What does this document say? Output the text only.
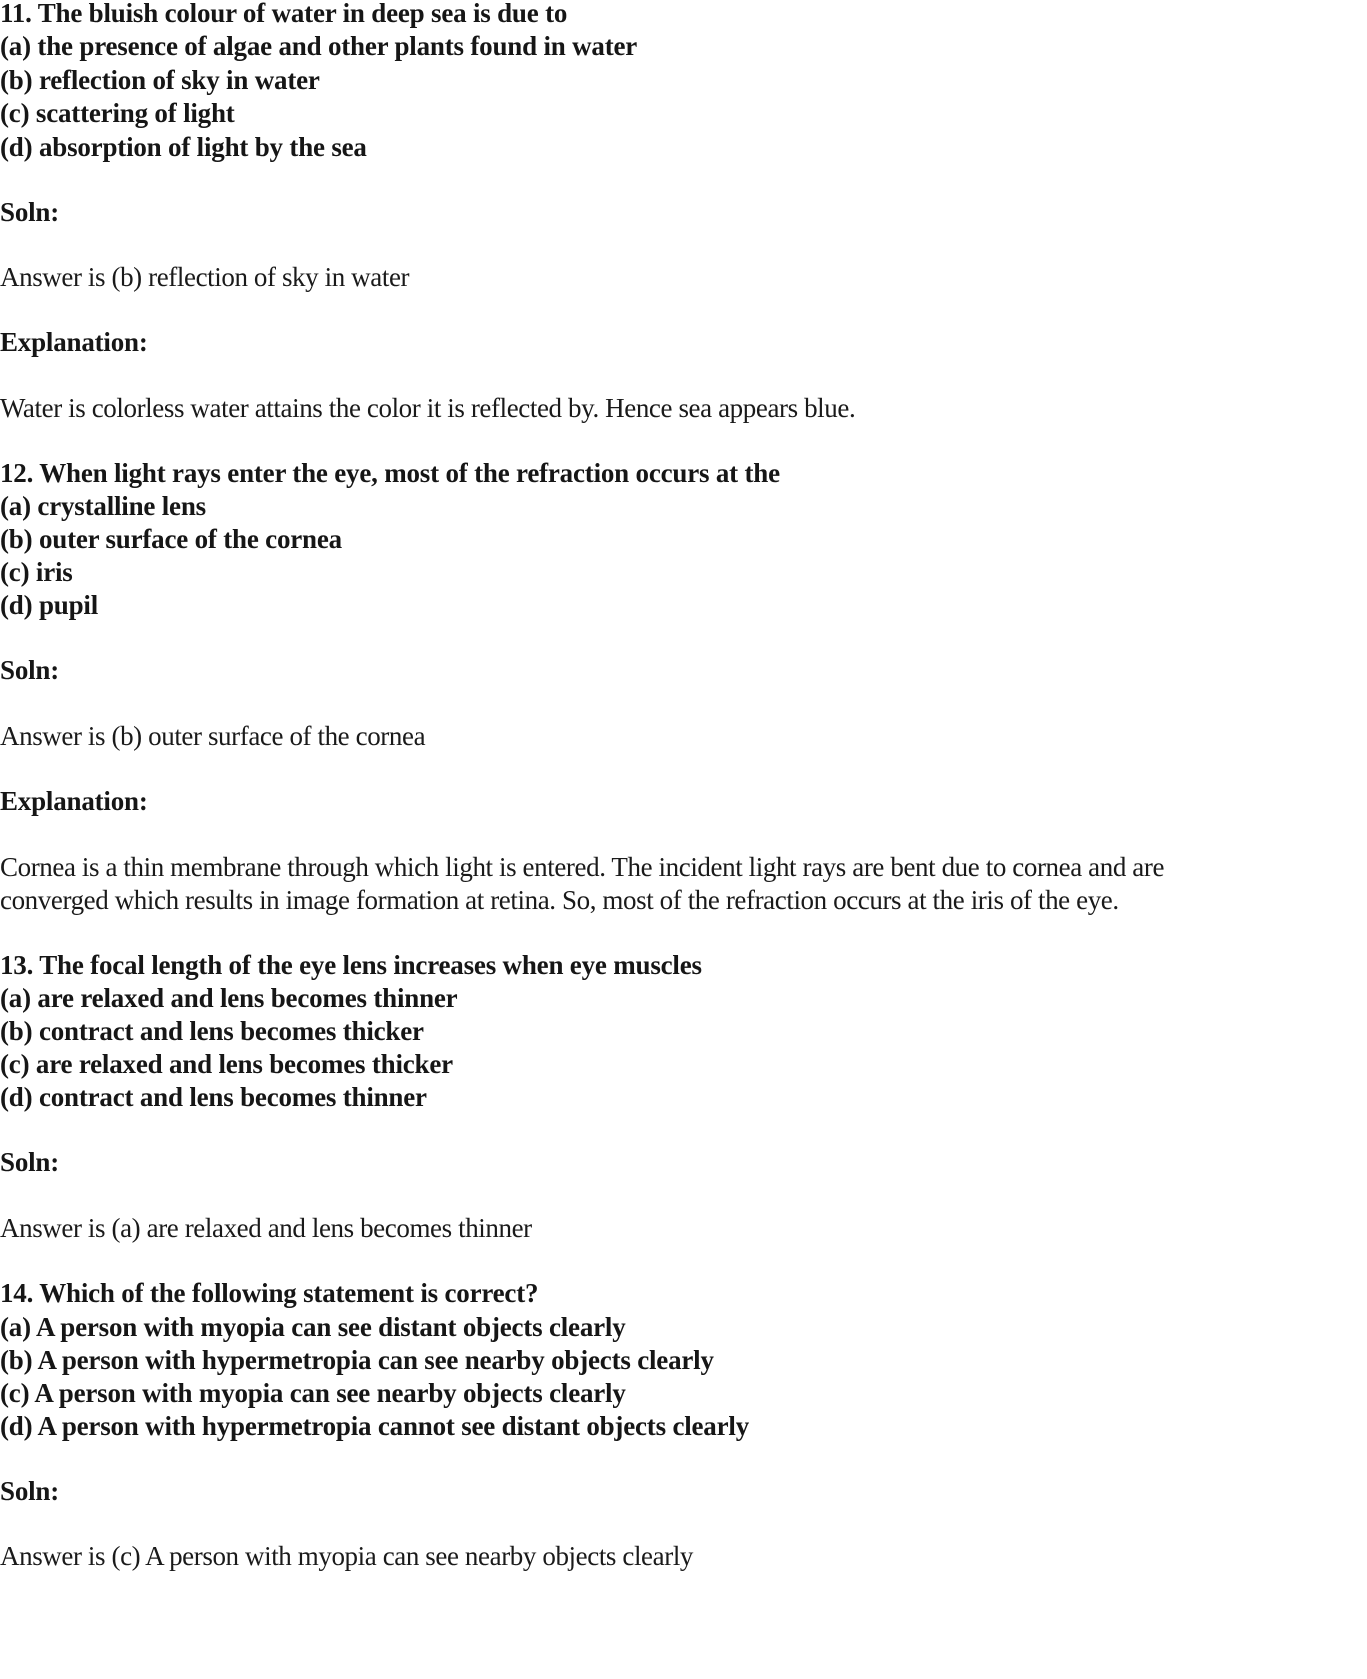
11. The bluish colour of water in deep sea is due to
(a) the presence of algae and other plants found in water
(b) reflection of sky in water
(c) scattering of light
(d) absorption of light by the sea
Soln:
Answer is (b) reflection of sky in water
Explanation:
Water is colorless water attains the color it is reflected by. Hence sea appears blue.
12. When light rays enter the eye, most of the refraction occurs at the
(a) crystalline lens
(b) outer surface of the cornea
(c) iris
(d) pupil
Soln:
Answer is (b) outer surface of the cornea
Explanation:
Cornea is a thin membrane through which light is entered. The incident light rays are bent due to cornea and are
converged which results in image formation at retina. So, most of the refraction occurs at the iris of the eye.
13. The focal length of the eye lens increases when eye muscles
(a) are relaxed and lens becomes thinner
(b) contract and lens becomes thicker
(c) are relaxed and lens becomes thicker
(d) contract and lens becomes thinner
Soln:
Answer is (a) are relaxed and lens becomes thinner
14. Which of the following statement is correct?
(a) A person with myopia can see distant objects clearly
(b) A person with hypermetropia can see nearby objects clearly
(c) A person with myopia can see nearby objects clearly
(d) A person with hypermetropia cannot see distant objects clearly
Soln:
Answer is (c) A person with myopia can see nearby objects clearly
